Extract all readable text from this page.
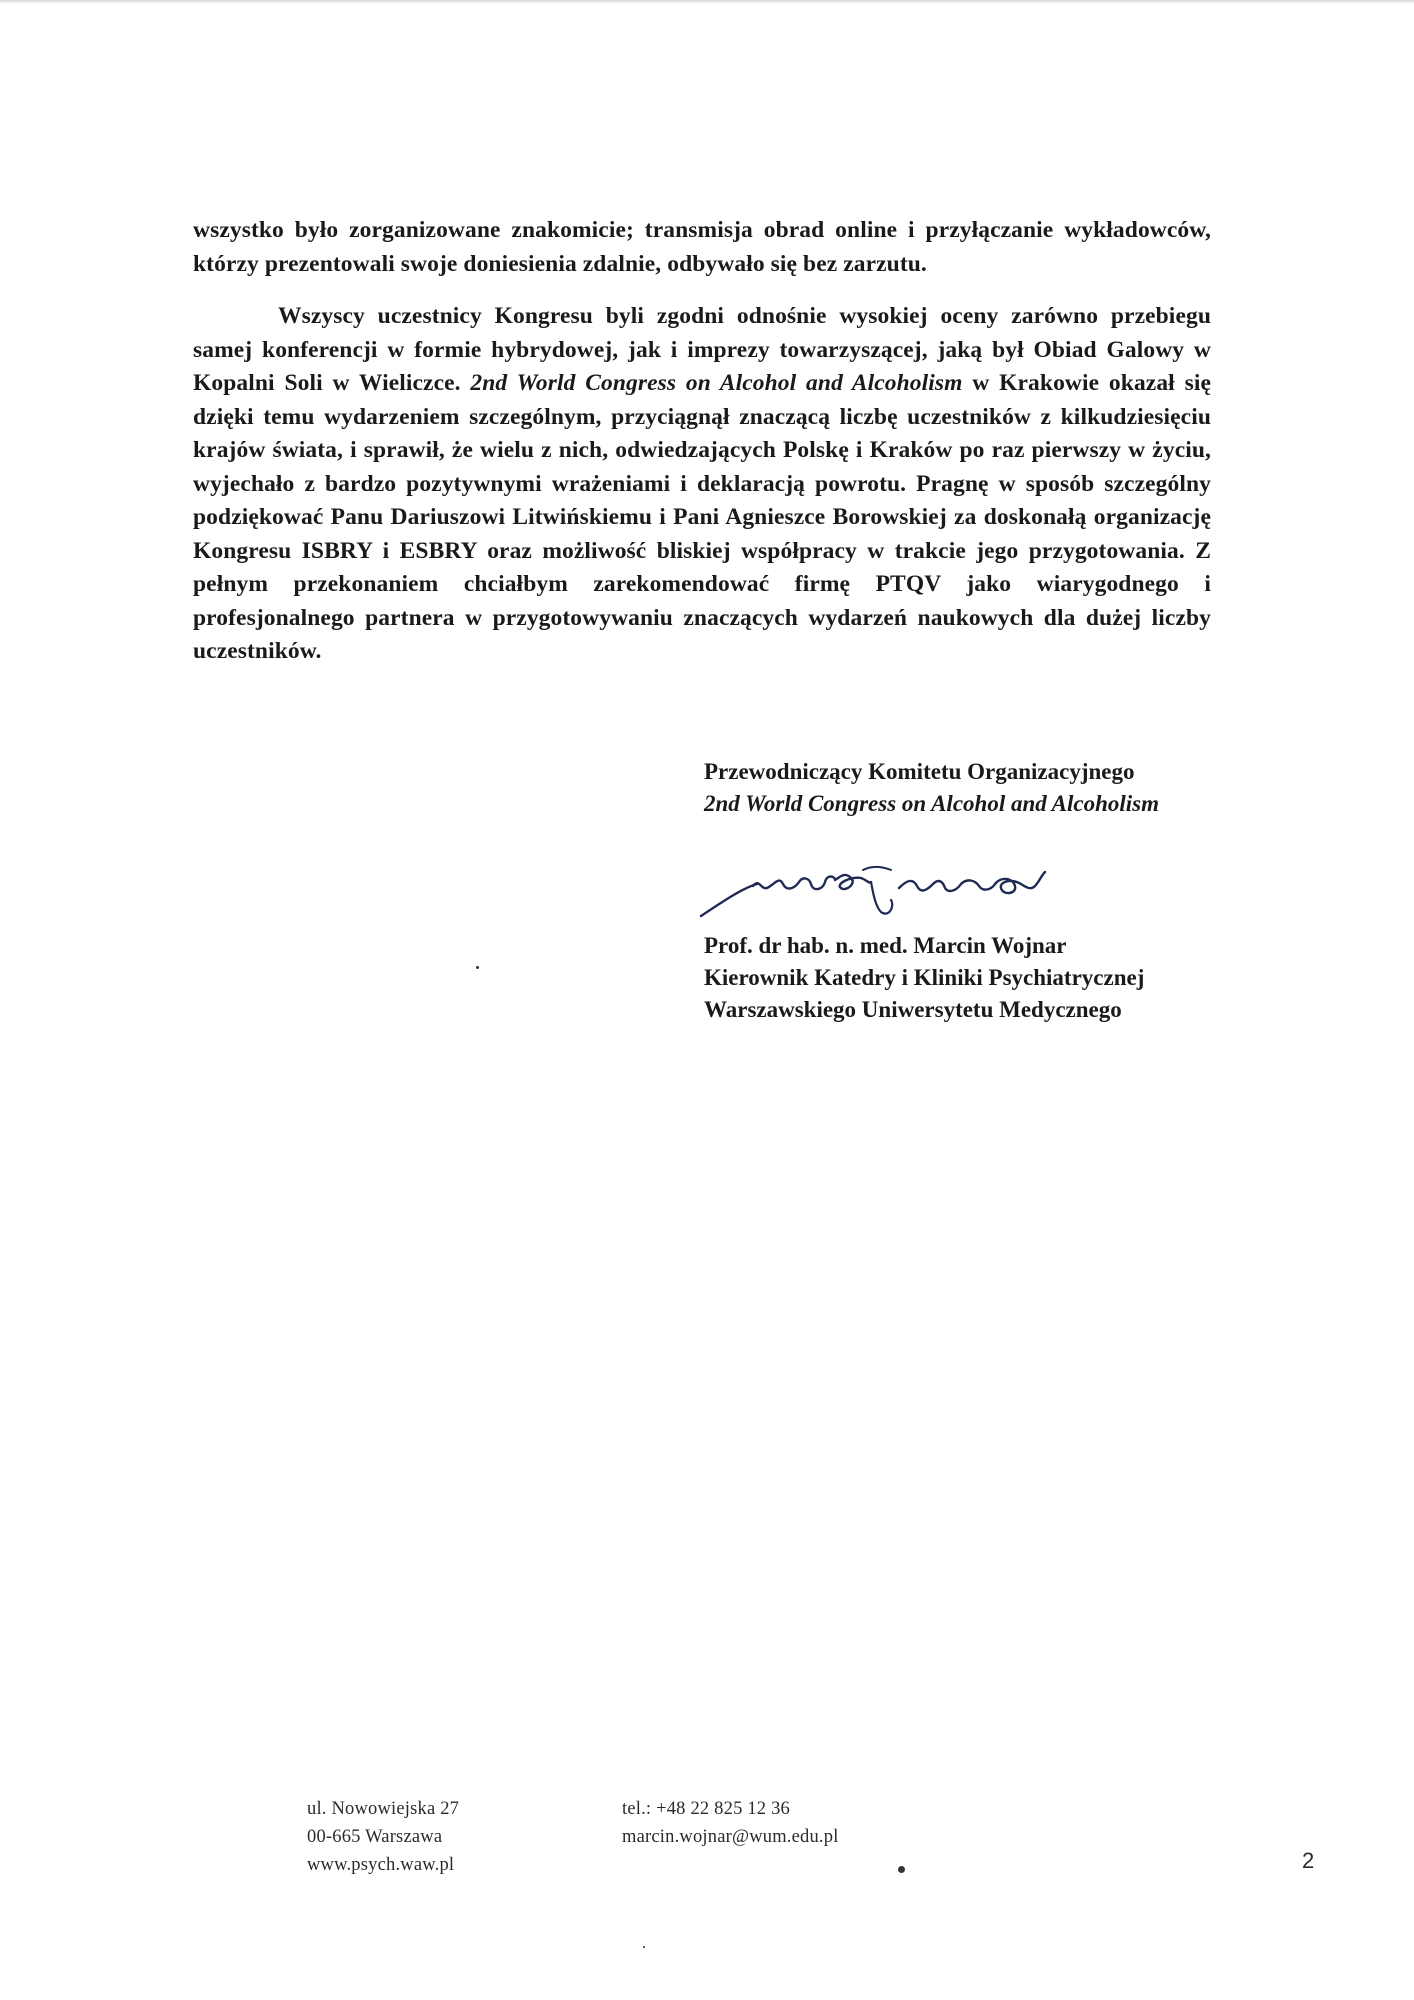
wszystko było zorganizowane znakomicie; transmisja obrad online i przyłączanie wykładowców, którzy prezentowali swoje doniesienia zdalnie, odbywało się bez zarzutu.

Wszyscy uczestnicy Kongresu byli zgodni odnośnie wysokiej oceny zarówno przebiegu samej konferencji w formie hybrydowej, jak i imprezy towarzyszącej, jaką był Obiad Galowy w Kopalni Soli w Wieliczce. 2nd World Congress on Alcohol and Alcoholism w Krakowie okazał się dzięki temu wydarzeniem szczególnym, przyciągnął znaczącą liczbę uczestników z kilkudziesięciu krajów świata, i sprawił, że wielu z nich, odwiedzających Polskę i Kraków po raz pierwszy w życiu, wyjechało z bardzo pozytywnymi wrażeniami i deklaracją powrotu. Pragnę w sposób szczególny podziękować Panu Dariuszowi Litwińskiemu i Pani Agnieszce Borowskiej za doskonałą organizację Kongresu ISBRY i ESBRY oraz możliwość bliskiej współpracy w trakcie jego przygotowania. Z pełnym przekonaniem chciałbym zarekomendować firmę PTQV jako wiarygodnego i profesjonalnego partnera w przygotowywaniu znaczących wydarzeń naukowych dla dużej liczby uczestników.

Przewodniczący Komitetu Organizacyjnego
2nd World Congress on Alcohol and Alcoholism
Prof. dr hab. n. med. Marcin Wojnar
Kierownik Katedry i Kliniki Psychiatrycznej
Warszawskiego Uniwersytetu Medycznego
ul. Nowowiejska 27
00-665 Warszawa
www.psych.waw.pl
tel.: +48 22 825 12 36
marcin.wojnar@wum.edu.pl
2
